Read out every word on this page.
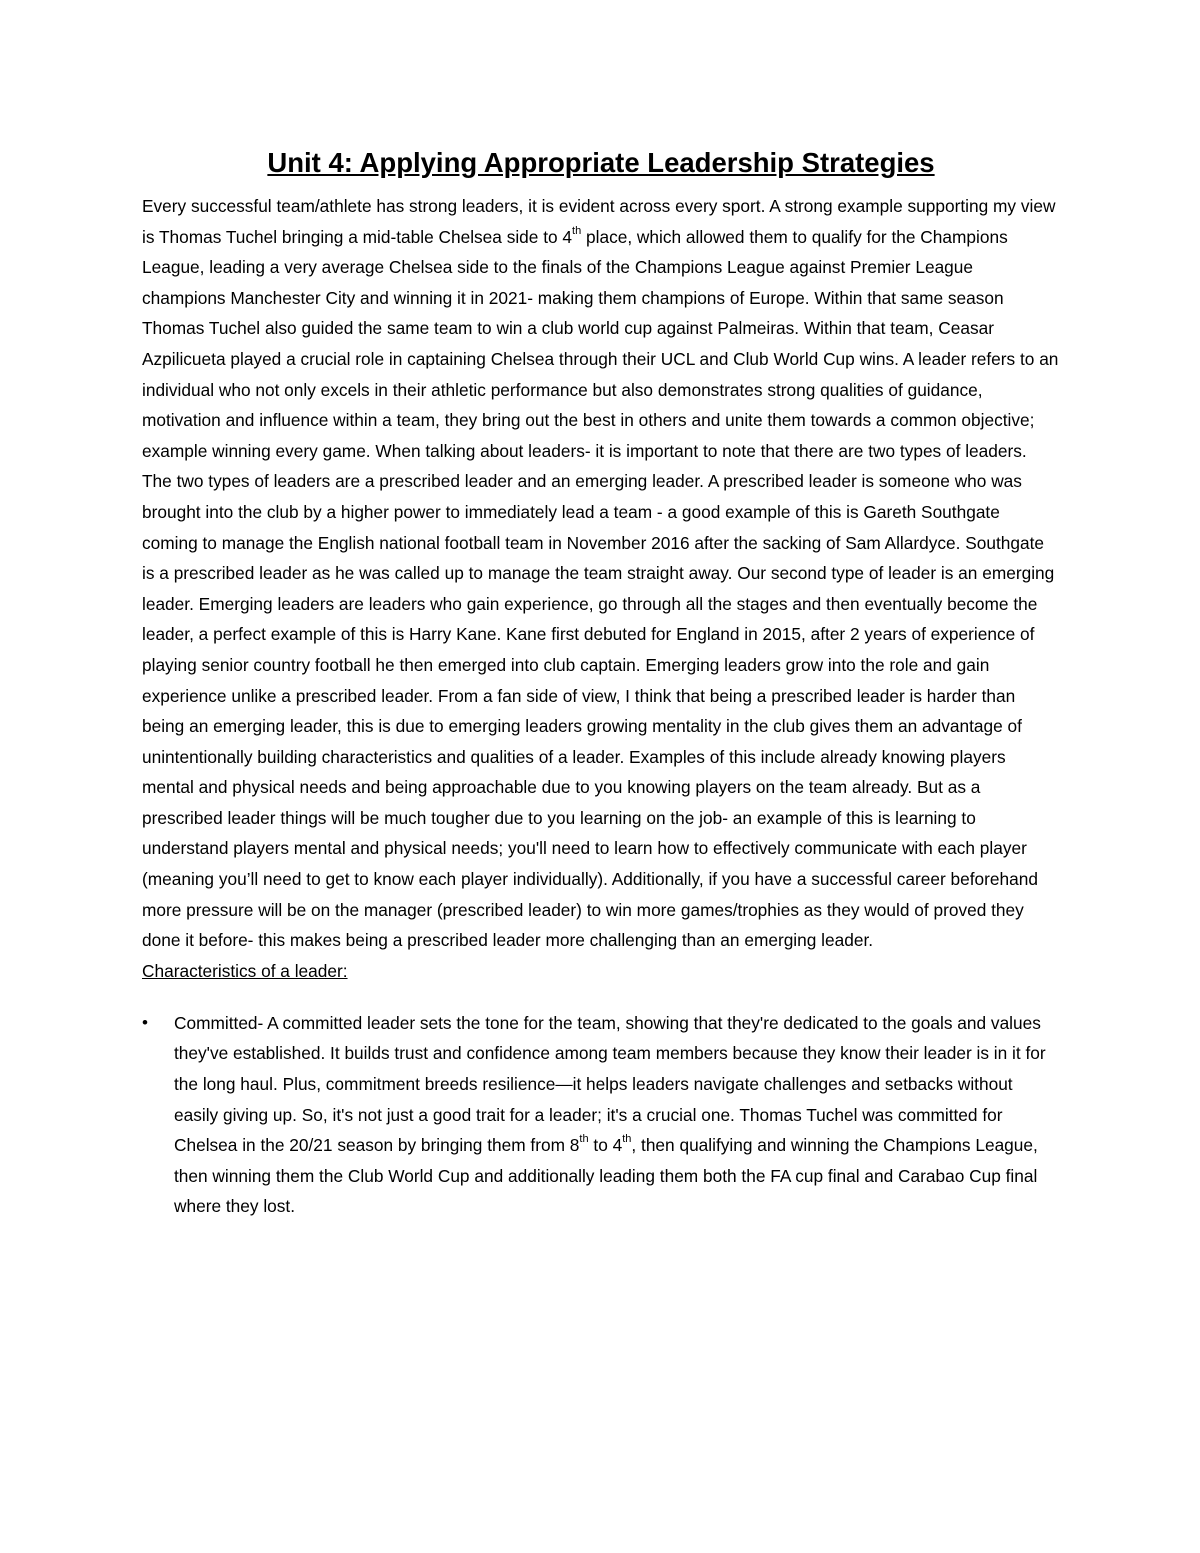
Unit 4: Applying Appropriate Leadership Strategies

Every successful team/athlete has strong leaders, it is evident across every sport. A strong example supporting my view is Thomas Tuchel bringing a mid-table Chelsea side to 4th place, which allowed them to qualify for the Champions League, leading a very average Chelsea side to the finals of the Champions League against Premier League champions Manchester City and winning it in 2021- making them champions of Europe. Within that same season Thomas Tuchel also guided the same team to win a club world cup against Palmeiras. Within that team, Ceasar Azpilicueta played a crucial role in captaining Chelsea through their UCL and Club World Cup wins. A leader refers to an individual who not only excels in their athletic performance but also demonstrates strong qualities of guidance, motivation and influence within a team, they bring out the best in others and unite them towards a common objective; example winning every game. When talking about leaders- it is important to note that there are two types of leaders. The two types of leaders are a prescribed leader and an emerging leader. A prescribed leader is someone who was brought into the club by a higher power to immediately lead a team - a good example of this is Gareth Southgate coming to manage the English national football team in November 2016 after the sacking of Sam Allardyce. Southgate is a prescribed leader as he was called up to manage the team straight away. Our second type of leader is an emerging leader. Emerging leaders are leaders who gain experience, go through all the stages and then eventually become the leader, a perfect example of this is Harry Kane. Kane first debuted for England in 2015, after 2 years of experience of playing senior country football he then emerged into club captain. Emerging leaders grow into the role and gain experience unlike a prescribed leader. From a fan side of view, I think that being a prescribed leader is harder than being an emerging leader, this is due to emerging leaders growing mentality in the club gives them an advantage of unintentionally building characteristics and qualities of a leader. Examples of this include already knowing players mental and physical needs and being approachable due to you knowing players on the team already. But as a prescribed leader things will be much tougher due to you learning on the job- an example of this is learning to understand players mental and physical needs; you'll need to learn how to effectively communicate with each player (meaning you’ll need to get to know each player individually). Additionally, if you have a successful career beforehand more pressure will be on the manager (prescribed leader) to win more games/trophies as they would of proved they done it before- this makes being a prescribed leader more challenging than an emerging leader.

Characteristics of a leader:

• Committed- A committed leader sets the tone for the team, showing that they're dedicated to the goals and values they've established. It builds trust and confidence among team members because they know their leader is in it for the long haul. Plus, commitment breeds resilience—it helps leaders navigate challenges and setbacks without easily giving up. So, it's not just a good trait for a leader; it's a crucial one. Thomas Tuchel was committed for Chelsea in the 20/21 season by bringing them from 8th to 4th, then qualifying and winning the Champions League, then winning them the Club World Cup and additionally leading them both the FA cup final and Carabao Cup final where they lost.
